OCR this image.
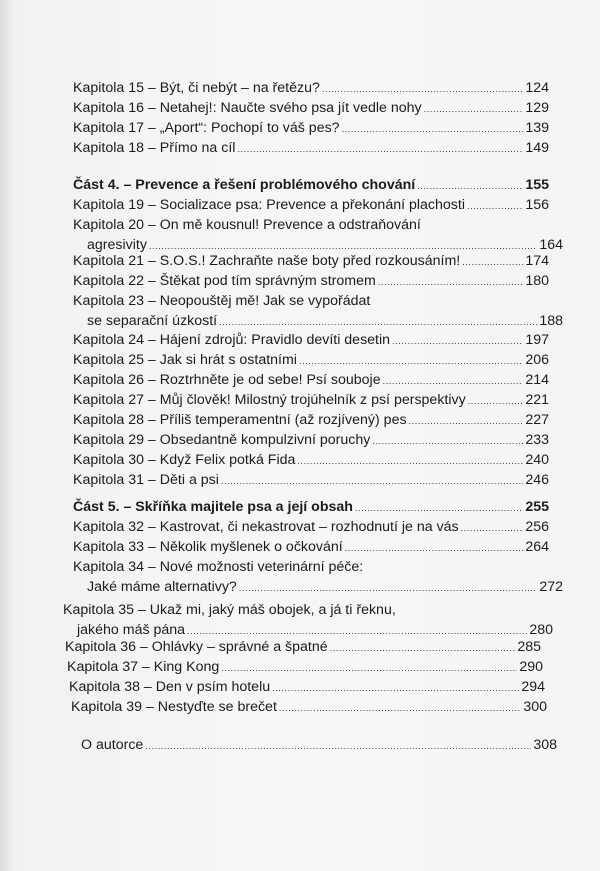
Kapitola 15 – Být, či nebýt – na řetězu? .....	124
Kapitola 16 – Netahej!: Naučte svého psa jít vedle nohy .....	129
Kapitola 17 – „Aport“: Pochopí to váš pes? .....	139
Kapitola 18 – Přímo na cíl .....	149
Část 4. – Prevence a řešení problémového chování .....	155
Kapitola 19 – Socializace psa: Prevence a překonání plachosti .....	156
Kapitola 20 – On mě kousnul! Prevence a odstraňování
agresivity .....	164
Kapitola 21 – S.O.S.! Zachraňte naše boty před rozkousáním! .....	174
Kapitola 22 – Štěkat pod tím správným stromem .....	180
Kapitola 23 – Neopouštěj mě! Jak se vypořádat
se separační úzkostí .....	188
Kapitola 24 – Hájení zdrojů: Pravidlo devíti desetin .....	197
Kapitola 25 – Jak si hrát s ostatními .....	206
Kapitola 26 – Roztrhněte je od sebe! Psí souboje .....	214
Kapitola 27 – Můj člověk! Milostný trojúhelník z psí perspektivy .....	221
Kapitola 28 – Příliš temperamentní (až rozjívený) pes .....	227
Kapitola 29 – Obsedantně kompulzivní poruchy .....	233
Kapitola 30 – Když Felix potká Fida .....	240
Kapitola 31 – Děti a psi .....	246
Část 5. – Skříňka majitele psa a její obsah .....	255
Kapitola 32 – Kastrovat, či nekastrovat – rozhodnutí je na vás .....	256
Kapitola 33 – Několik myšlenek o očkování .....	264
Kapitola 34 – Nové možnosti veterinární péče:
Jaké máme alternativy? .....	272
Kapitola 35 – Ukaž mi, jaký máš obojek, a já ti řeknu,
jakého máš pána .....	280
Kapitola 36 – Ohlávky – správné a špatné .....	285
Kapitola 37 – King Kong .....	290
Kapitola 38 – Den v psím hotelu .....	294
Kapitola 39 – Nestyďte se brečet .....	300
O autorce .....	308
